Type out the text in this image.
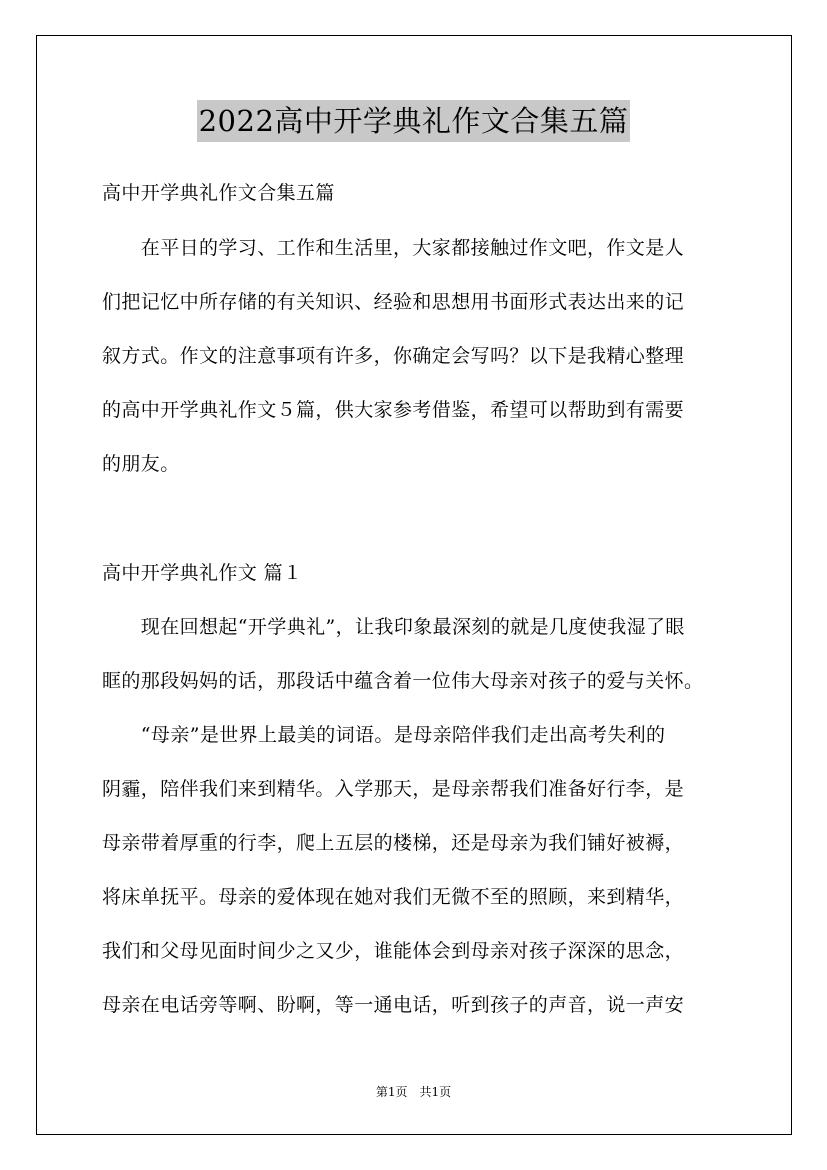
2022高中开学典礼作文合集五篇
高中开学典礼作文合集五篇
　　在平日的学习、工作和生活里，大家都接触过作文吧，作文是人
们把记忆中所存储的有关知识、经验和思想用书面形式表达出来的记
叙方式。作文的注意事项有许多，你确定会写吗？以下是我精心整理
的高中开学典礼作文５篇，供大家参考借鉴，希望可以帮助到有需要
的朋友。
高中开学典礼作文 篇１
　　现在回想起“开学典礼”，让我印象最深刻的就是几度使我湿了眼
眶的那段妈妈的话，那段话中蕴含着一位伟大母亲对孩子的爱与关怀。
　　“母亲”是世界上最美的词语。是母亲陪伴我们走出高考失利的
阴霾，陪伴我们来到精华。入学那天，是母亲帮我们准备好行李，是
母亲带着厚重的行李，爬上五层的楼梯，还是母亲为我们铺好被褥，
将床单抚平。母亲的爱体现在她对我们无微不至的照顾，来到精华，
我们和父母见面时间少之又少，谁能体会到母亲对孩子深深的思念，
母亲在电话旁等啊、盼啊，等一通电话，听到孩子的声音，说一声安
第1页　共1页
